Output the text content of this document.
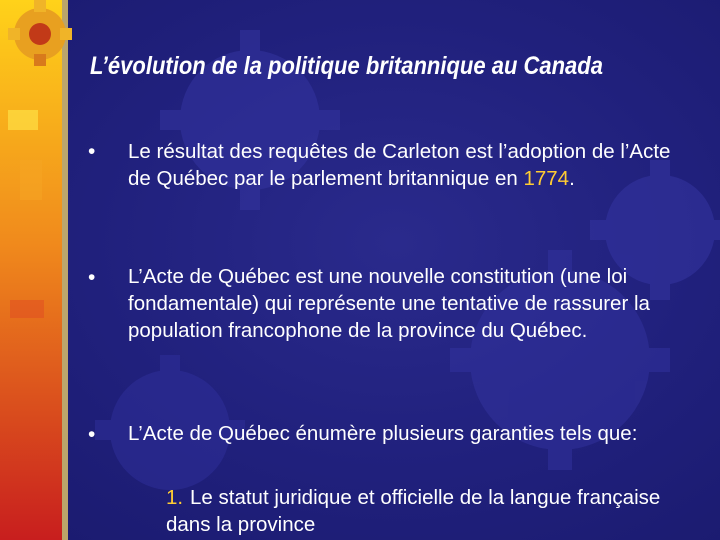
L’évolution de la politique britannique au Canada
• Le résultat des requêtes de Carleton est l’adoption de l’Acte de Québec par le parlement britannique en 1774.
• L’Acte de Québec est une nouvelle constitution (une loi fondamentale) qui représente une tentative de rassurer la population francophone de la province du Québec.
• L’Acte de Québec énumère plusieurs garanties tels que:
1. Le statut juridique et officielle de la langue française dans la province
